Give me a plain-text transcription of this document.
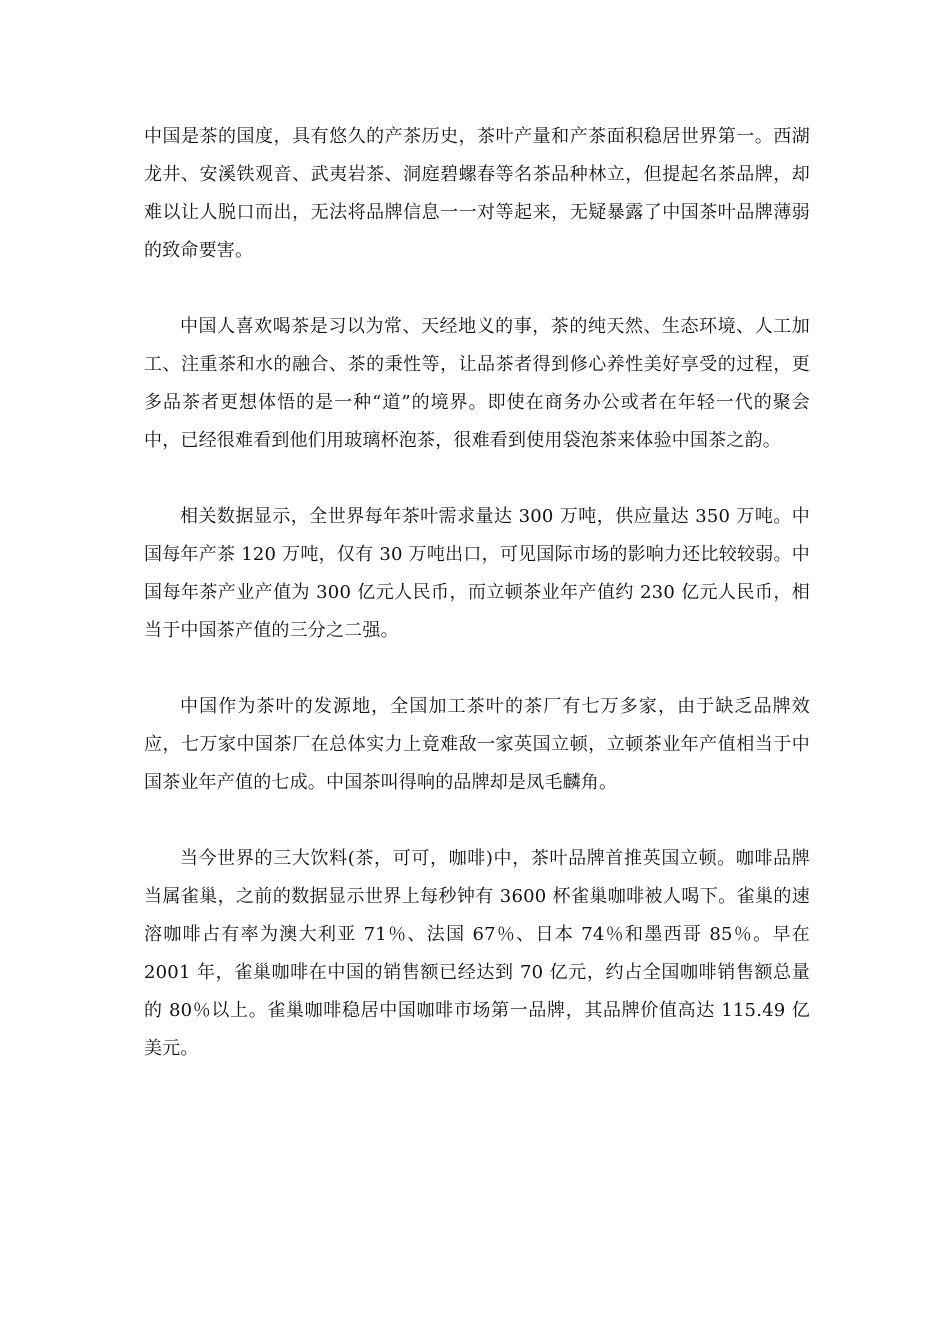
中国是茶的国度，具有悠久的产茶历史，茶叶产量和产茶面积稳居世界第一。西湖龙井、安溪铁观音、武夷岩茶、洞庭碧螺春等名茶品种林立，但提起名茶品牌，却难以让人脱口而出，无法将品牌信息一一对等起来，无疑暴露了中国茶叶品牌薄弱的致命要害。

中国人喜欢喝茶是习以为常、天经地义的事，茶的纯天然、生态环境、人工加工、注重茶和水的融合、茶的秉性等，让品茶者得到修心养性美好享受的过程，更多品茶者更想体悟的是一种“道”的境界。即使在商务办公或者在年轻一代的聚会中，已经很难看到他们用玻璃杯泡茶，很难看到使用袋泡茶来体验中国茶之韵。

相关数据显示，全世界每年茶叶需求量达 300 万吨，供应量达 350 万吨。中国每年产茶 120 万吨，仅有 30 万吨出口，可见国际市场的影响力还比较较弱。中国每年茶产业产值为 300 亿元人民币，而立顿茶业年产值约 230 亿元人民币，相当于中国茶产值的三分之二强。

中国作为茶叶的发源地，全国加工茶叶的茶厂有七万多家，由于缺乏品牌效应，七万家中国茶厂在总体实力上竟难敌一家英国立顿，立顿茶业年产值相当于中国茶业年产值的七成。中国茶叫得响的品牌却是凤毛麟角。

当今世界的三大饮料(茶，可可，咖啡)中，茶叶品牌首推英国立顿。咖啡品牌当属雀巢，之前的数据显示世界上每秒钟有 3600 杯雀巢咖啡被人喝下。雀巢的速溶咖啡占有率为澳大利亚 71％、法国 67％、日本 74％和墨西哥 85％。早在 2001 年，雀巢咖啡在中国的销售额已经达到 70 亿元，约占全国咖啡销售额总量的 80％以上。雀巢咖啡稳居中国咖啡市场第一品牌，其品牌价值高达 115.49 亿美元。
